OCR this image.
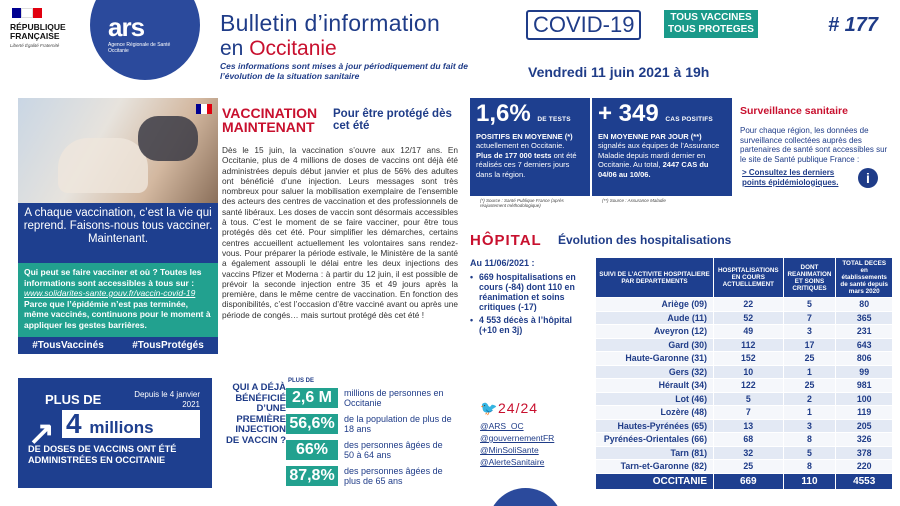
RÉPUBLIQUE FRANÇAISE
Liberté Égalité Fraternité
ars
Agence Régionale de Santé Occitanie
Bulletin d’information	COVID-19	TOUS VACCINES TOUS PROTEGES	# 177
en Occitanie
Ces informations sont mises à jour périodiquement du fait de l’évolution de la situation sanitaire	Vendredi 11 juin 2021 à 19h
A chaque vaccination, c’est la vie qui reprend. Faisons-nous tous vacciner. Maintenant.
Qui peut se faire vacciner et où ? Toutes les informations sont accessibles à tous sur : www.solidarites-sante.gouv.fr/vaccin-covid-19 Parce que l’épidémie n’est pas terminée, même vaccinés, continuons pour le moment à appliquer les gestes barrières.
#TousVaccinés	#TousProtégés
VACCINATION
MAINTENANT
Pour être protégé dès cet été
Dès le 15 juin, la vaccination s’ouvre aux 12/17 ans. En Occitanie, plus de 4 millions de doses de vaccins ont déjà été administrées depuis début janvier et plus de 56% des adultes ont bénéficié d’une injection. Leurs messages sont très nombreux pour saluer la mobilisation exemplaire de l’ensemble des acteurs des centres de vaccination et des professionnels de santé libéraux. Les doses de vaccin sont désormais accessibles à tous. C’est le moment de se faire vacciner, pour être tous protégés dès cet été. Pour simplifier les démarches, certains centres accueillent actuellement les volontaires sans rendez-vous. Pour préparer la période estivale, le Ministère de la santé a également assoupli le délai entre les deux injections des vaccins Pfizer et Moderna : à partir du 12 juin, il est possible de prévoir la seconde injection entre 35 et 49 jours après la première, dans le même centre de vaccination. En fonction des disponibilités, c’est l’occasion d’être vacciné avant ou après une période de congés… mais surtout protégé dès cet été !
1,6% DE TESTS
POSITIFS EN MOYENNE (*)
actuellement en Occitanie.
Plus de 177 000 tests ont été réalisés ces 7 derniers jours dans la région.
+ 349 CAS POSITIFS
EN MOYENNE PAR JOUR (**)
signalés aux équipes de l’Assurance Maladie depuis mardi dernier en Occitanie. Au total, 2447 CAS du 04/06 au 10/06.
(*) Source : Santé Publique France (après réajustement méthodologique)
(**) Source : Assurance Maladie
Surveillance sanitaire
Pour chaque région, les données de surveillance collectées auprès des partenaires de santé sont accessibles sur le site de Santé publique France :
> Consultez les derniers points épidémiologiques.	i
HÔPITAL Évolution des hospitalisations
Au 11/06/2021 :
• 669 hospitalisations en cours (-84) dont 110 en réanimation et soins critiques (-17)
• 4 553 décès à l’hôpital (+10 en 3j)
SUIVI DE L’ACTIVITE HOSPITALIERE PAR DEPARTEMENTS	HOSPITALISATIONS EN COURS ACTUELLEMENT	DONT REANIMATION ET SOINS CRITIQUES	TOTAL DECES en établissements de santé depuis mars 2020
Ariège (09)	22	5	80
Aude (11)	52	7	365
Aveyron (12)	49	3	231
Gard (30)	112	17	643
Haute-Garonne (31)	152	25	806
Gers (32)	10	1	99
Hérault (34)	122	25	981
Lot (46)	5	2	100
Lozère (48)	7	1	119
Hautes-Pyrénées (65)	13	3	205
Pyrénées-Orientales (66)	68	8	326
Tarn (81)	32	5	378
Tarn-et-Garonne (82)	25	8	220
OCCITANIE	669	110	4553
🐦 24/24
@ARS_OC
@gouvernementFR
@MinSoliSante
@AlerteSanitaire
PLUS DE	Depuis le 4 janvier 2021
↗ 4 millions
DE DOSES DE VACCINS ONT ÉTÉ ADMINISTRÉES EN OCCITANIE
QUI A DÉJÀ BÉNÉFICIÉ D’UNE PREMIÈRE INJECTION DE VACCIN ?
PLUS DE
2,6 M	millions de personnes en Occitanie
56,6%	de la population de plus de 18 ans
66%	des personnes âgées de 50 à 64 ans
87,8%	des personnes âgées de plus de 65 ans
